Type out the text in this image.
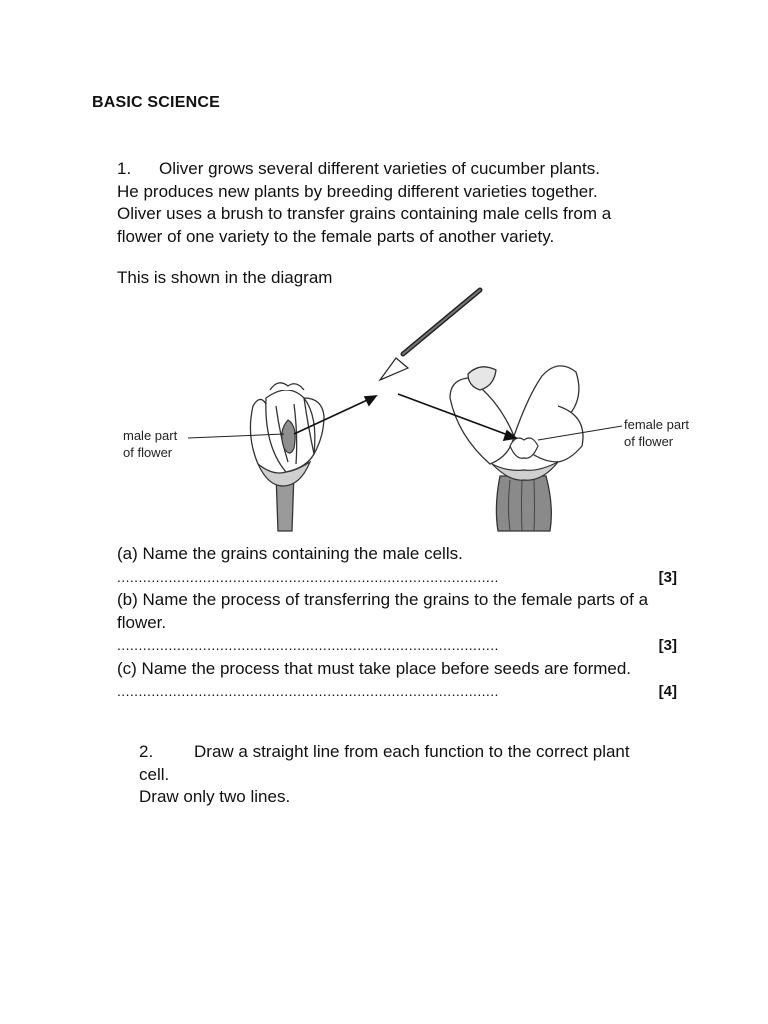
BASIC SCIENCE
1. Oliver grows several different varieties of cucumber plants.
He produces new plants by breeding different varieties together.
Oliver uses a brush to transfer grains containing male cells from a
flower of one variety to the female parts of another variety.
This is shown in the diagram
male part
of flower
female part
of flower
(a) Name the grains containing the male cells.
.........................................................................................	[3]
(b) Name the process of transferring the grains to the female parts of a
flower.
.........................................................................................	[3]
(c) Name the process that must take place before seeds are formed.
.........................................................................................	[4]
2. Draw a straight line from each function to the correct plant
cell.
Draw only two lines.
